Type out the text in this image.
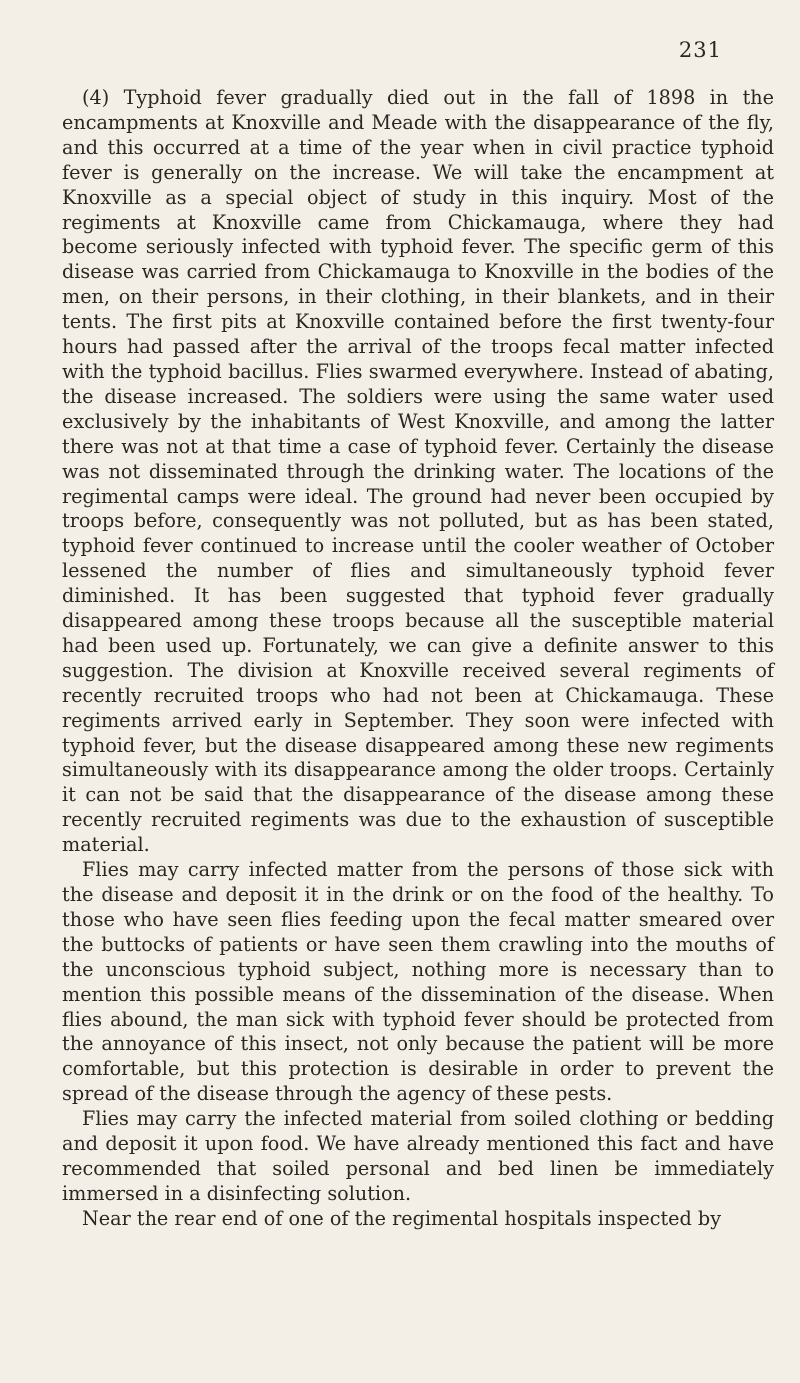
231

(4) Typhoid fever gradually died out in the fall of 1898 in the encampments at Knoxville and Meade with the disappearance of the fly, and this occurred at a time of the year when in civil practice typhoid fever is generally on the increase. We will take the encampment at Knoxville as a special object of study in this inquiry. Most of the regiments at Knoxville came from Chickamauga, where they had become seriously infected with typhoid fever. The specific germ of this disease was carried from Chickamauga to Knoxville in the bodies of the men, on their persons, in their clothing, in their blankets, and in their tents. The first pits at Knoxville contained before the first twenty-four hours had passed after the arrival of the troops fecal matter infected with the typhoid bacillus. Flies swarmed everywhere. Instead of abating, the disease increased. The soldiers were using the same water used exclusively by the inhabitants of West Knoxville, and among the latter there was not at that time a case of typhoid fever. Certainly the disease was not disseminated through the drinking water. The locations of the regimental camps were ideal. The ground had never been occupied by troops before, consequently was not polluted, but as has been stated, typhoid fever continued to increase until the cooler weather of October lessened the number of flies and simultaneously typhoid fever diminished. It has been suggested that typhoid fever gradually disappeared among these troops because all the susceptible material had been used up. Fortunately, we can give a definite answer to this suggestion. The division at Knoxville received several regiments of recently recruited troops who had not been at Chickamauga. These regiments arrived early in September. They soon were infected with typhoid fever, but the disease disappeared among these new regiments simultaneously with its disappearance among the older troops. Certainly it can not be said that the disappearance of the disease among these recently recruited regiments was due to the exhaustion of susceptible material.

Flies may carry infected matter from the persons of those sick with the disease and deposit it in the drink or on the food of the healthy. To those who have seen flies feeding upon the fecal matter smeared over the buttocks of patients or have seen them crawling into the mouths of the unconscious typhoid subject, nothing more is necessary than to mention this possible means of the dissemination of the disease. When flies abound, the man sick with typhoid fever should be protected from the annoyance of this insect, not only because the patient will be more comfortable, but this protection is desirable in order to prevent the spread of the disease through the agency of these pests.

Flies may carry the infected material from soiled clothing or bedding and deposit it upon food. We have already mentioned this fact and have recommended that soiled personal and bed linen be immediately immersed in a disinfecting solution.

Near the rear end of one of the regimental hospitals inspected by
